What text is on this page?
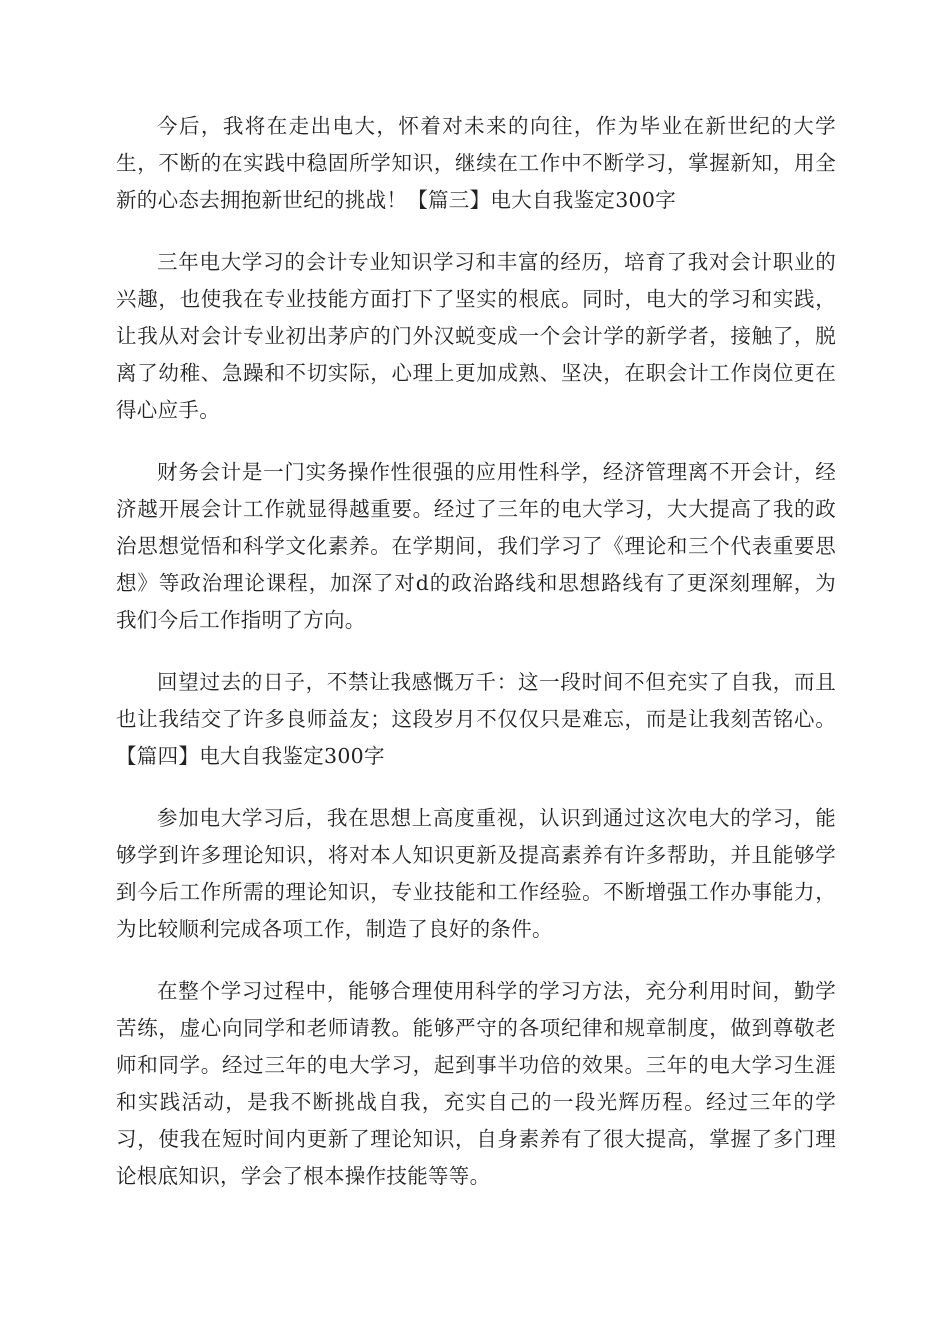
今后，我将在走出电大，怀着对未来的向往，作为毕业在新世纪的大学生，不断的在实践中稳固所学知识，继续在工作中不断学习，掌握新知，用全新的心态去拥抱新世纪的挑战！【篇三】电大自我鉴定300字

三年电大学习的会计专业知识学习和丰富的经历，培育了我对会计职业的兴趣，也使我在专业技能方面打下了坚实的根底。同时，电大的学习和实践，让我从对会计专业初出茅庐的门外汉蜕变成一个会计学的新学者，接触了，脱离了幼稚、急躁和不切实际，心理上更加成熟、坚决，在职会计工作岗位更在得心应手。

财务会计是一门实务操作性很强的应用性科学，经济管理离不开会计，经济越开展会计工作就显得越重要。经过了三年的电大学习，大大提高了我的政治思想觉悟和科学文化素养。在学期间，我们学习了《理论和三个代表重要思想》等政治理论课程，加深了对d的政治路线和思想路线有了更深刻理解，为我们今后工作指明了方向。

回望过去的日子，不禁让我感慨万千：这一段时间不但充实了自我，而且也让我结交了许多良师益友；这段岁月不仅仅只是难忘，而是让我刻苦铭心。【篇四】电大自我鉴定300字

参加电大学习后，我在思想上高度重视，认识到通过这次电大的学习，能够学到许多理论知识，将对本人知识更新及提高素养有许多帮助，并且能够学到今后工作所需的理论知识，专业技能和工作经验。不断增强工作办事能力，为比较顺利完成各项工作，制造了良好的条件。

在整个学习过程中，能够合理使用科学的学习方法，充分利用时间，勤学苦练，虚心向同学和老师请教。能够严守的各项纪律和规章制度，做到尊敬老师和同学。经过三年的电大学习，起到事半功倍的效果。三年的电大学习生涯和实践活动，是我不断挑战自我，充实自己的一段光辉历程。经过三年的学习，使我在短时间内更新了理论知识，自身素养有了很大提高，掌握了多门理论根底知识，学会了根本操作技能等等。
